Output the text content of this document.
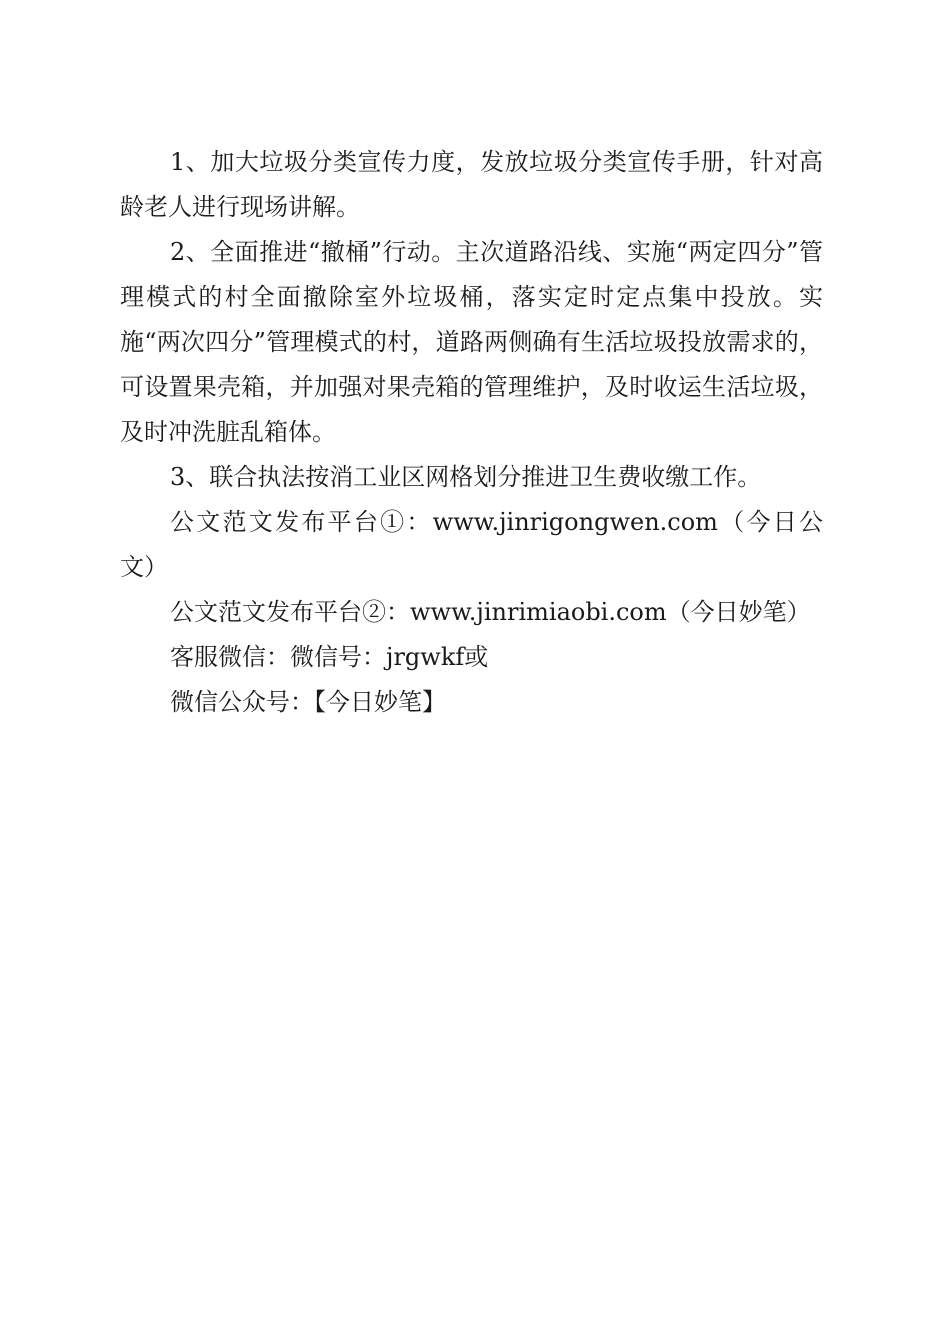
1、加大垃圾分类宣传力度，发放垃圾分类宣传手册，针对高龄老人进行现场讲解。

2、全面推进“撤桶”行动。主次道路沿线、实施“两定四分”管理模式的村全面撤除室外垃圾桶，落实定时定点集中投放。实施“两次四分”管理模式的村，道路两侧确有生活垃圾投放需求的，可设置果壳箱，并加强对果壳箱的管理维护，及时收运生活垃圾，及时冲洗脏乱箱体。

3、联合执法按消工业区网格划分推进卫生费收缴工作。

公文范文发布平台①：www.jinrigongwen.com（今日公文）

公文范文发布平台②：www.jinrimiaobi.com（今日妙笔）

客服微信：微信号：jrgwkf或

微信公众号：【今日妙笔】
